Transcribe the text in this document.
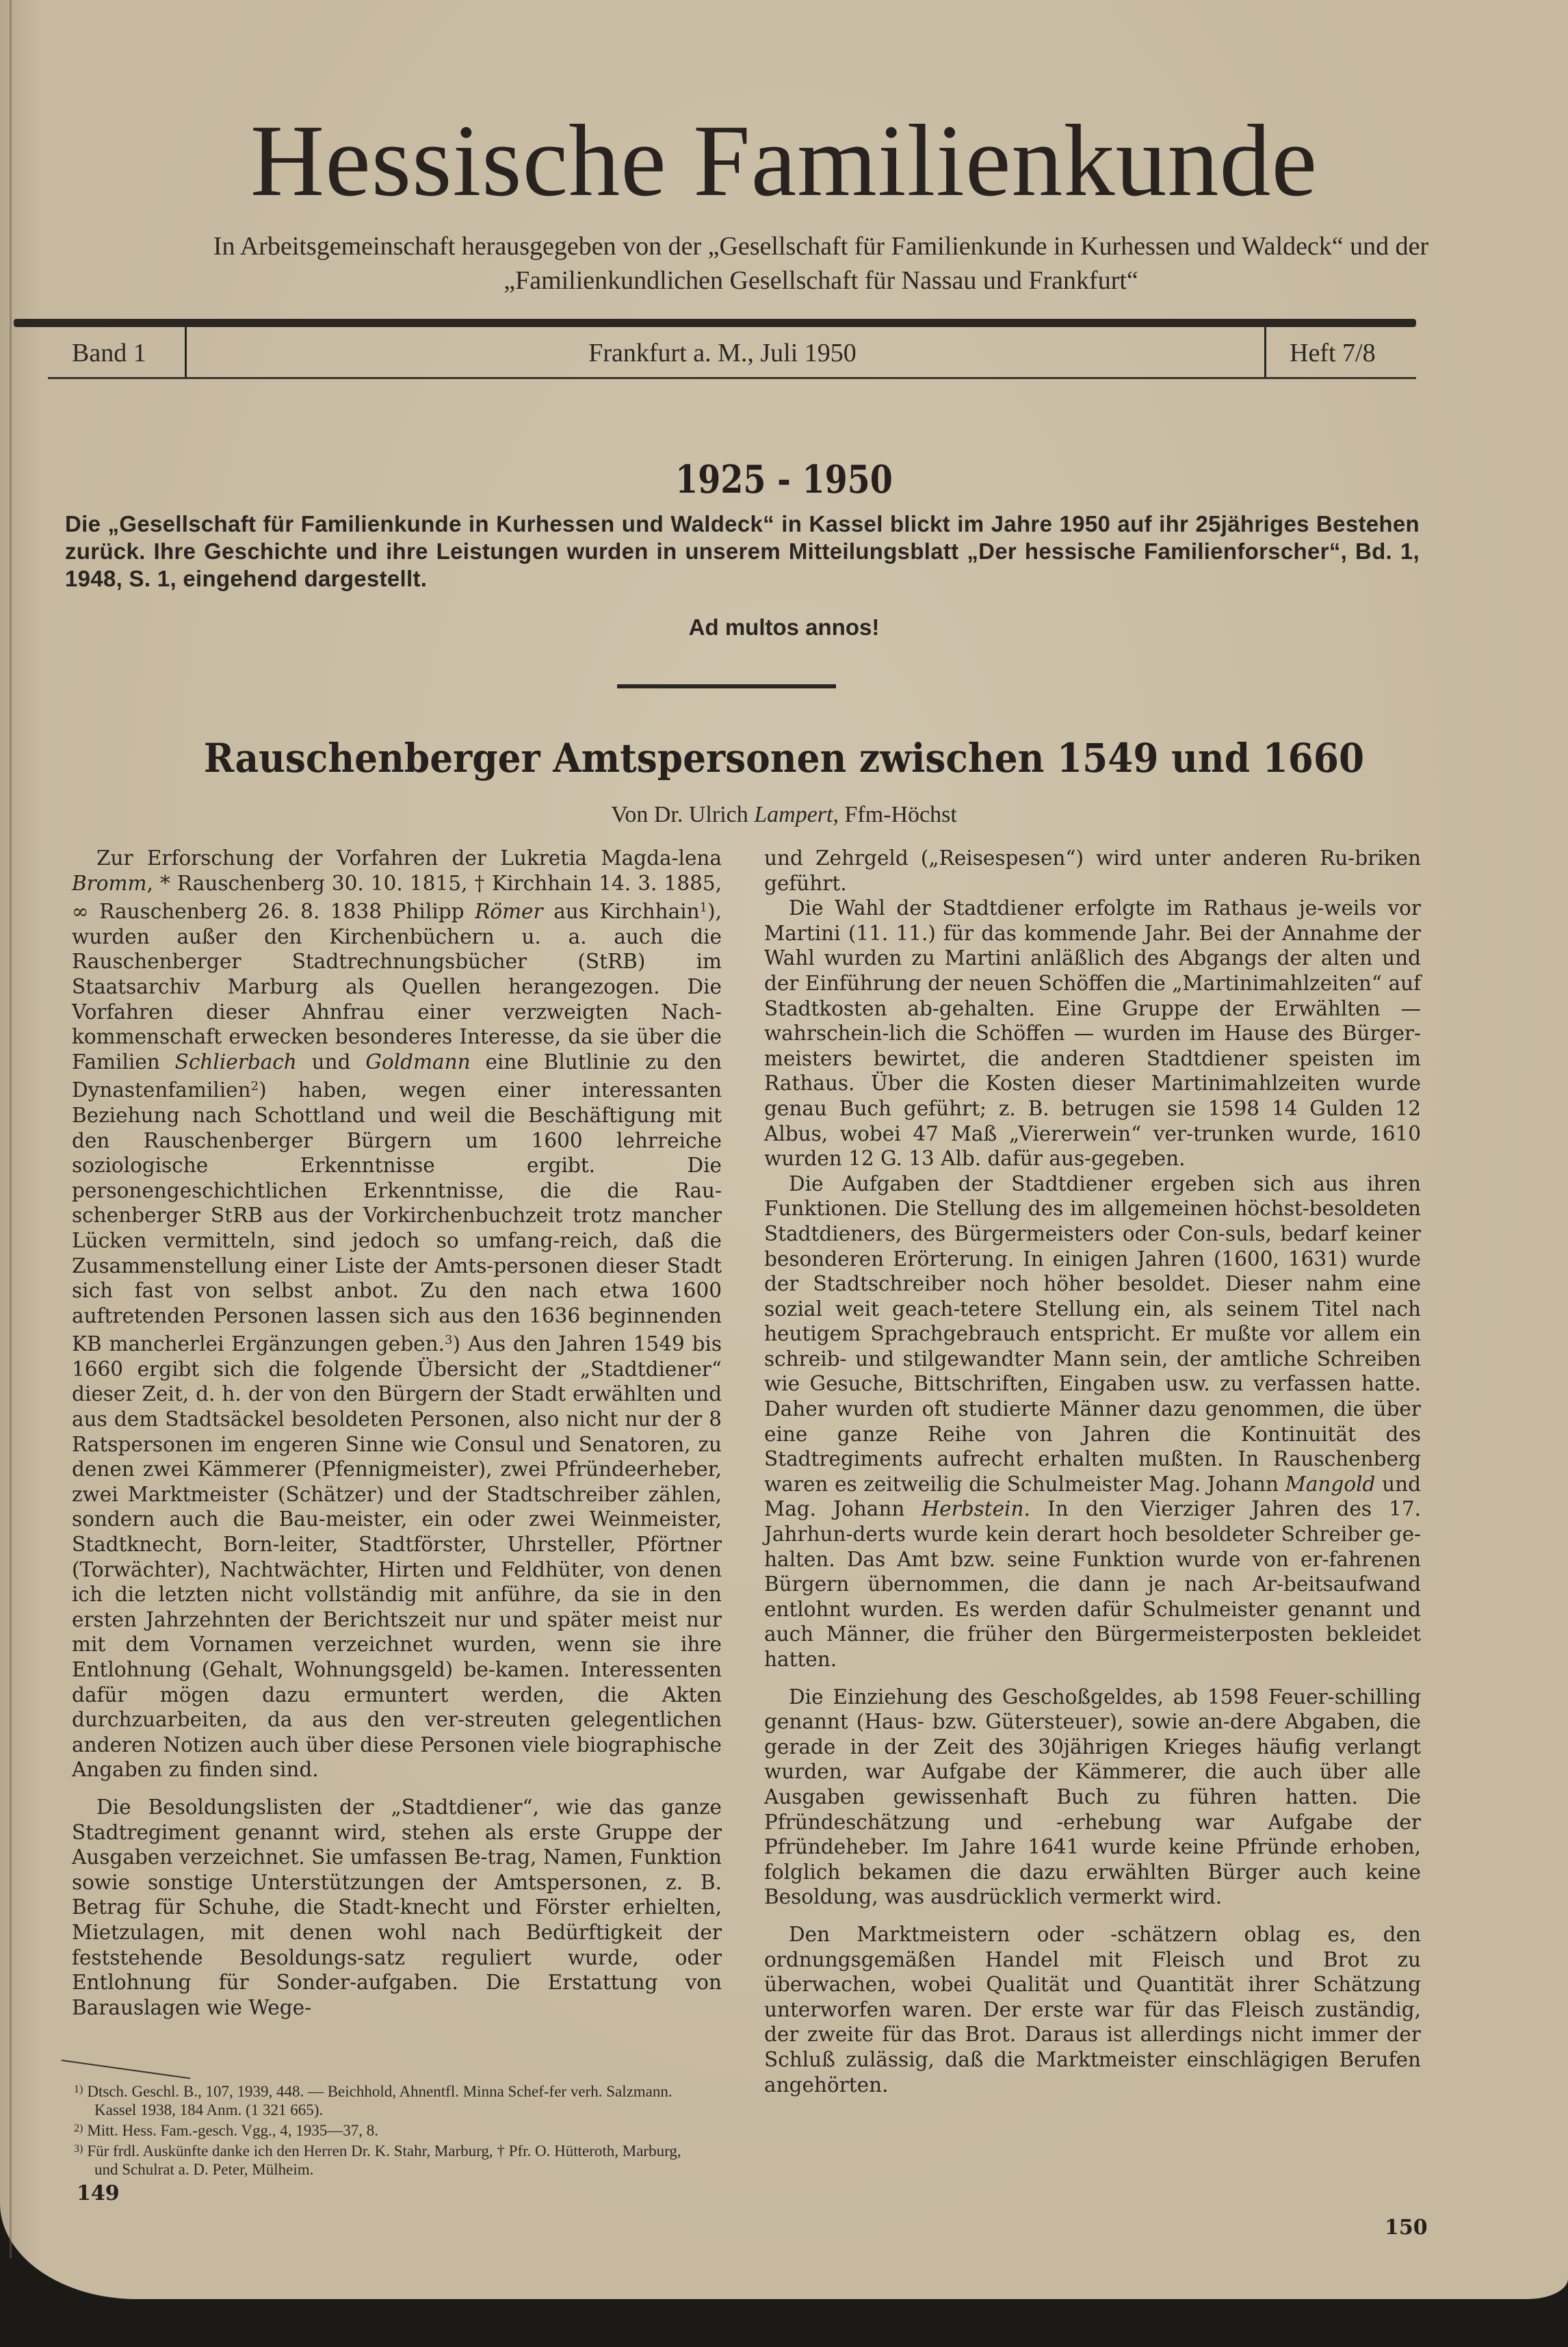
Hessische Familienkunde
In Arbeitsgemeinschaft herausgegeben von der „Gesellschaft für Familienkunde in Kurhessen und Waldeck“ und der
„Familienkundlichen Gesellschaft für Nassau und Frankfurt“
Band 1	Frankfurt a. M., Juli 1950	Heft 7/8
1925 - 1950
Die „Gesellschaft für Familienkunde in Kurhessen und Waldeck“ in Kassel blickt im Jahre 1950 auf ihr 25jähriges Bestehen zurück. Ihre Geschichte und ihre Leistungen wurden in unserem Mitteilungsblatt „Der hessische Familienforscher“, Bd. 1, 1948, S. 1, eingehend dargestellt.
Ad multos annos!
Rauschenberger Amtspersonen zwischen 1549 und 1660
Von Dr. Ulrich Lampert, Ffm-Höchst

Zur Erforschung der Vorfahren der Lukretia Magda-lena Bromm, * Rauschenberg 30. 10. 1815, † Kirchhain 14. 3. 1885, ∞ Rauschenberg 26. 8. 1838 Philipp Römer aus Kirchhain$^1$), wurden außer den Kirchenbüchern u. a. auch die Rauschenberger Stadtrechnungsbücher (StRB) im Staatsarchiv Marburg als Quellen herangezogen. Die Vorfahren dieser Ahnfrau einer verzweigten Nach-kommenschaft erwecken besonderes Interesse, da sie über die Familien Schlierbach und Goldmann eine Blutlinie zu den Dynastenfamilien$^2$) haben, wegen einer interessanten Beziehung nach Schottland und weil die Beschäftigung mit den Rauschenberger Bürgern um 1600 lehrreiche soziologische Erkenntnisse ergibt. Die personengeschichtlichen Erkenntnisse, die die Rau-schenberger StRB aus der Vorkirchenbuchzeit trotz mancher Lücken vermitteln, sind jedoch so umfang-reich, daß die Zusammenstellung einer Liste der Amts-personen dieser Stadt sich fast von selbst anbot. Zu den nach etwa 1600 auftretenden Personen lassen sich aus den 1636 beginnenden KB mancherlei Ergänzungen geben.$^3$) Aus den Jahren 1549 bis 1660 ergibt sich die folgende Übersicht der „Stadtdiener“ dieser Zeit, d. h. der von den Bürgern der Stadt erwählten und aus dem Stadtsäckel besoldeten Personen, also nicht nur der 8 Ratspersonen im engeren Sinne wie Consul und Senatoren, zu denen zwei Kämmerer (Pfennigmeister), zwei Pfründeerheber, zwei Marktmeister (Schätzer) und der Stadtschreiber zählen, sondern auch die Bau-meister, ein oder zwei Weinmeister, Stadtknecht, Born-leiter, Stadtförster, Uhrsteller, Pförtner (Torwächter), Nachtwächter, Hirten und Feldhüter, von denen ich die letzten nicht vollständig mit anführe, da sie in den ersten Jahrzehnten der Berichtszeit nur und später meist nur mit dem Vornamen verzeichnet wurden, wenn sie ihre Entlohnung (Gehalt, Wohnungsgeld) be-kamen. Interessenten dafür mögen dazu ermuntert werden, die Akten durchzuarbeiten, da aus den ver-streuten gelegentlichen anderen Notizen auch über diese Personen viele biographische Angaben zu finden sind.

Die Besoldungslisten der „Stadtdiener“, wie das ganze Stadtregiment genannt wird, stehen als erste Gruppe der Ausgaben verzeichnet. Sie umfassen Be-trag, Namen, Funktion sowie sonstige Unterstützungen der Amtspersonen, z. B. Betrag für Schuhe, die Stadt-knecht und Förster erhielten, Mietzulagen, mit denen wohl nach Bedürftigkeit der feststehende Besoldungs-satz reguliert wurde, oder Entlohnung für Sonder-aufgaben. Die Erstattung von Barauslagen wie Wege-

und Zehrgeld („Reisespesen“) wird unter anderen Ru-briken geführt.

Die Wahl der Stadtdiener erfolgte im Rathaus je-weils vor Martini (11. 11.) für das kommende Jahr. Bei der Annahme der Wahl wurden zu Martini anläßlich des Abgangs der alten und der Einführung der neuen Schöffen die „Martinimahlzeiten“ auf Stadtkosten ab-gehalten. Eine Gruppe der Erwählten — wahrschein-lich die Schöffen — wurden im Hause des Bürger-meisters bewirtet, die anderen Stadtdiener speisten im Rathaus. Über die Kosten dieser Martinimahlzeiten wurde genau Buch geführt; z. B. betrugen sie 1598 14 Gulden 12 Albus, wobei 47 Maß „Viererwein“ ver-trunken wurde, 1610 wurden 12 G. 13 Alb. dafür aus-gegeben.

Die Aufgaben der Stadtdiener ergeben sich aus ihren Funktionen. Die Stellung des im allgemeinen höchst-besoldeten Stadtdieners, des Bürgermeisters oder Con-suls, bedarf keiner besonderen Erörterung. In einigen Jahren (1600, 1631) wurde der Stadtschreiber noch höher besoldet. Dieser nahm eine sozial weit geach-tetere Stellung ein, als seinem Titel nach heutigem Sprachgebrauch entspricht. Er mußte vor allem ein schreib- und stilgewandter Mann sein, der amtliche Schreiben wie Gesuche, Bittschriften, Eingaben usw. zu verfassen hatte. Daher wurden oft studierte Männer dazu genommen, die über eine ganze Reihe von Jahren die Kontinuität des Stadtregiments aufrecht erhalten mußten. In Rauschenberg waren es zeitweilig die Schulmeister Mag. Johann Mangold und Mag. Johann Herbstein. In den Vierziger Jahren des 17. Jahrhun-derts wurde kein derart hoch besoldeter Schreiber ge-halten. Das Amt bzw. seine Funktion wurde von er-fahrenen Bürgern übernommen, die dann je nach Ar-beitsaufwand entlohnt wurden. Es werden dafür Schulmeister genannt und auch Männer, die früher den Bürgermeisterposten bekleidet hatten.

Die Einziehung des Geschoßgeldes, ab 1598 Feuer-schilling genannt (Haus- bzw. Gütersteuer), sowie an-dere Abgaben, die gerade in der Zeit des 30jährigen Krieges häufig verlangt wurden, war Aufgabe der Kämmerer, die auch über alle Ausgaben gewissenhaft Buch zu führen hatten. Die Pfründeschätzung und -erhebung war Aufgabe der Pfründeheber. Im Jahre 1641 wurde keine Pfründe erhoben, folglich bekamen die dazu erwählten Bürger auch keine Besoldung, was ausdrücklich vermerkt wird.

Den Marktmeistern oder -schätzern oblag es, den ordnungsgemäßen Handel mit Fleisch und Brot zu überwachen, wobei Qualität und Quantität ihrer Schätzung unterworfen waren. Der erste war für das Fleisch zuständig, der zweite für das Brot. Daraus ist allerdings nicht immer der Schluß zulässig, daß die Marktmeister einschlägigen Berufen angehörten.

$^{1)}$ Dtsch. Geschl. B., 107, 1939, 448. — Beichhold, Ahnentfl. Minna Schef-fer verh. Salzmann. Kassel 1938, 184 Anm. (1 321 665).
$^{2)}$ Mitt. Hess. Fam.-gesch. Vgg., 4, 1935—37, 8.
$^{3)}$ Für frdl. Auskünfte danke ich den Herren Dr. K. Stahr, Marburg, † Pfr. O. Hütteroth, Marburg, und Schulrat a. D. Peter, Mülheim.
149
150
